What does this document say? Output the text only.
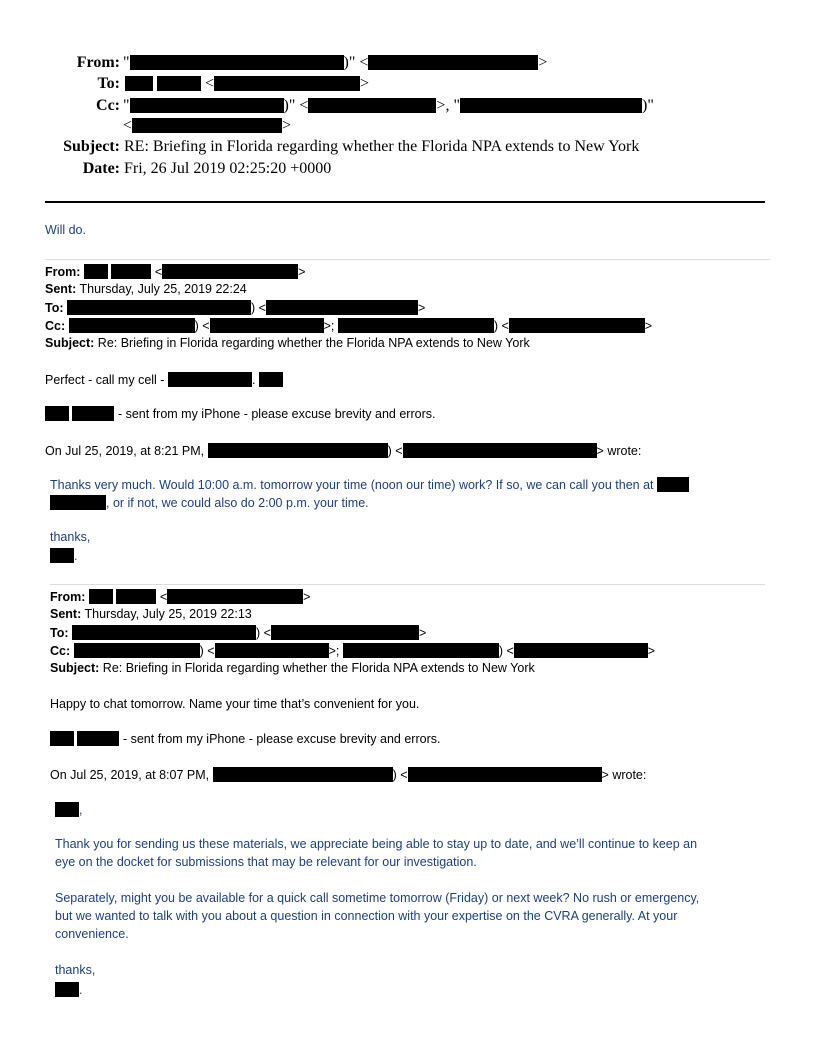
From: "	)" <	>
To:	<	>
Cc: "	)" <	>, "	)"
<	>
Subject: RE: Briefing in Florida regarding whether the Florida NPA extends to New York
Date: Fri, 26 Jul 2019 02:25:20 +0000
Will do.
From:	<	>
Sent: Thursday, July 25, 2019 22:24
To:	) <	>
Cc:	) <	>;	) <	>
Subject: Re: Briefing in Florida regarding whether the Florida NPA extends to New York
Perfect - call my cell -	.
- sent from my iPhone - please excuse brevity and errors.
On Jul 25, 2019, at 8:21 PM,	) <	> wrote:
Thanks very much. Would 10:00 a.m. tomorrow your time (noon our time) work? If so, we can call you then at
, or if not, we could also do 2:00 p.m. your time.
thanks,
.
From:	<	>
Sent: Thursday, July 25, 2019 22:13
To:	) <	>
Cc:	) <	>;	) <	>
Subject: Re: Briefing in Florida regarding whether the Florida NPA extends to New York
Happy to chat tomorrow. Name your time that’s convenient for you.
- sent from my iPhone - please excuse brevity and errors.
On Jul 25, 2019, at 8:07 PM,	) <	> wrote:
,
Thank you for sending us these materials, we appreciate being able to stay up to date, and we’ll continue to keep an
eye on the docket for submissions that may be relevant for our investigation.
Separately, might you be available for a quick call sometime tomorrow (Friday) or next week? No rush or emergency,
but we wanted to talk with you about a question in connection with your expertise on the CVRA generally. At your
convenience.
thanks,
.
